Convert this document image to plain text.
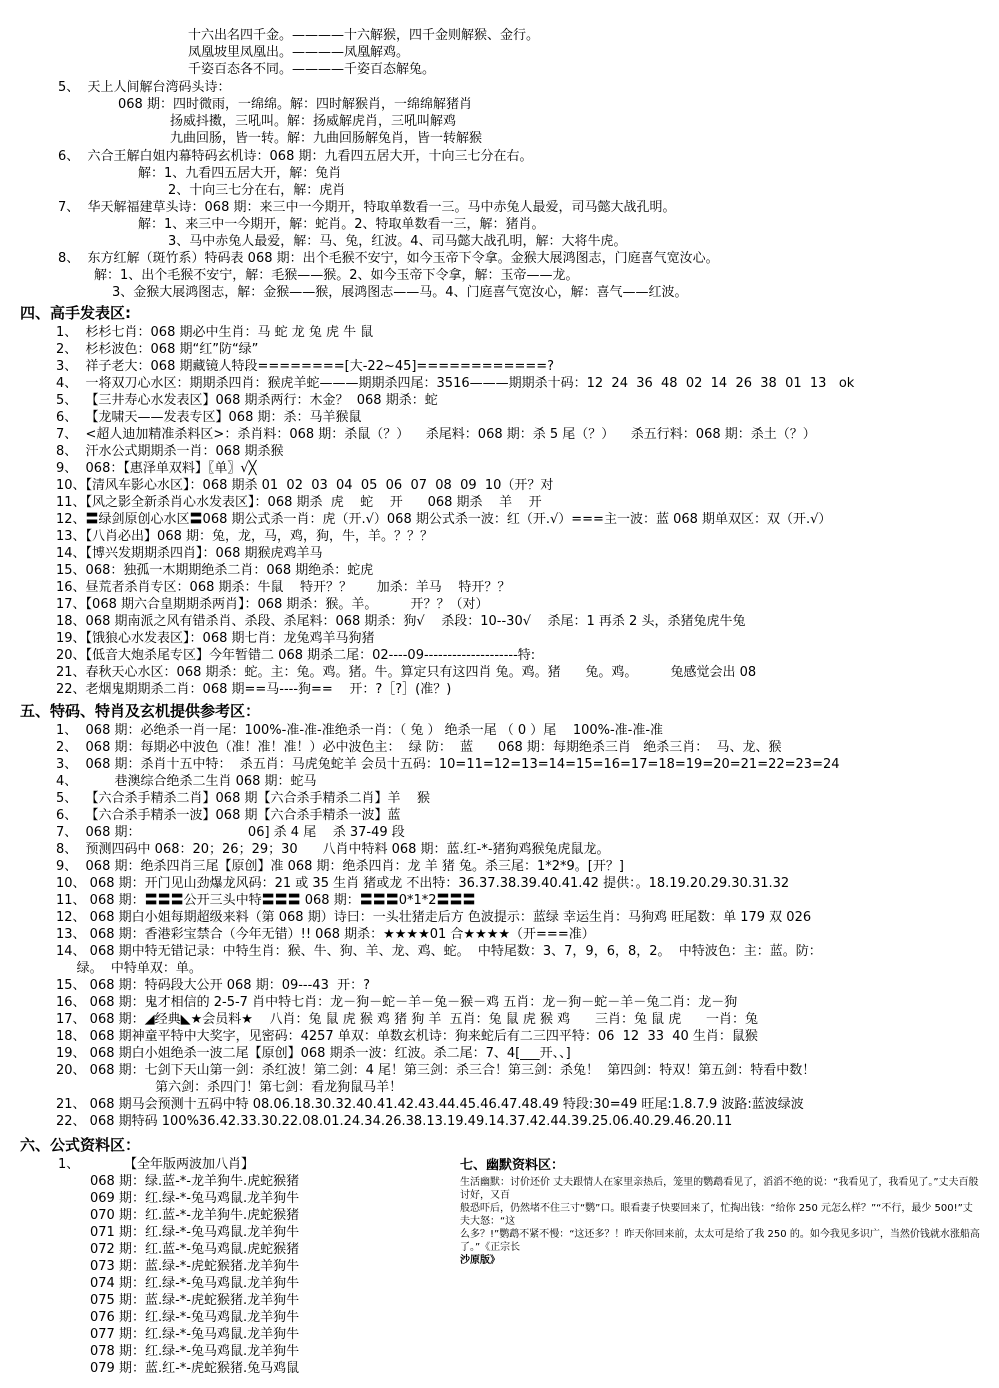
十六出名四千金。————十六解猴，四千金则解猴、金行。
凤凰坡里凤凰出。————凤凰解鸡。
千姿百态各不同。————千姿百态解兔。
5、  天上人间解台湾码头诗：
068 期：四时微雨，一绵绵。解：四时解猴肖，一绵绵解猪肖
扬威抖擞，三吼叫。解：扬威解虎肖，三吼叫解鸡
九曲回肠，皆一转。解：九曲回肠解兔肖，皆一转解猴
6、  六合王解白姐内幕特码玄机诗：068 期：九看四五居大开，十向三七分在右。
解：1、九看四五居大开，解：兔肖
2、十向三七分在右，解：虎肖
7、  华天解福建草头诗：068 期：来三中一今期开，特取单数看一三。马中赤兔人最爱，司马懿大战孔明。
解：1、来三中一今期开，解：蛇肖。2、特取单数看一三，解：猪肖。
3、马中赤兔人最爱，解：马、兔，红波。4、司马懿大战孔明，解：大将牛虎。
8、  东方红解（斑竹系）特码表 068 期：出个毛猴不安宁，如今玉帝下令拿。金猴大展鸿图志，门庭喜气宽汝心。
解：1、出个毛猴不安宁，解：毛猴——猴。2、如今玉帝下令拿，解：玉帝——龙。
3、金猴大展鸿图志，解：金猴——猴，展鸿图志——马。4、门庭喜气宽汝心，解：喜气——红波。
四、高手发表区:
1、  杉杉七肖：068 期必中生肖：马 蛇 龙 兔 虎 牛 鼠
2、  杉杉波色：068 期“红”防“绿”
3、  祥子老大：068 期藏镜人特段========[大-22~45]============?
4、  一将双刀心水区：期期杀四肖：猴虎羊蛇———期期杀四尾：3516———期期杀十码：12  24  36  48  02  14  26  38  01  13   ok
5、  【三井寿心水发表区】068 期杀两行：木金？  068 期杀：蛇
6、  【龙啸天——发表专区】068 期：杀：马羊猴鼠
7、  <超人迪加精准杀料区>：杀肖料：068 期：杀鼠（？）    杀尾料：068 期：杀 5 尾（？）    杀五行料：068 期：杀土（？）
8、  汗水公式期期杀一肖：068 期杀猴
9、  068：【惠泽单双料】〖单〗√╳
10、【清风车影心水区】：068 期杀 01  02  03  04  05  06  07  08  09  10（开？对
11、【风之影全新杀肖心水发表区】：068 期杀  虎    蛇    开      068 期杀    羊    开
12、〓绿剑原创心水区〓068 期公式杀一肖：虎（开.√）068 期公式杀一波：红（开.√）===主一波：蓝 068 期单双区：双（开.√）
13、【八肖必出】068 期：兔，龙，马，鸡，狗，牛，羊。？？？
14、【博兴发期期杀四肖】：068 期猴虎鸡羊马
15、068：独孤一木期期绝杀二肖：068 期绝杀：蛇虎
16、昼荒者杀肖专区：068 期杀：牛鼠    特开？？      加杀：羊马    特开？？
17、【068 期六合皇期期杀两肖】：068 期杀：猴。羊。        开？？（对）
18、068 期南派之风有错杀肖、杀段、杀尾料：068 期杀：狗√    杀段：10--30√    杀尾：1 再杀 2 头，杀猪兔虎牛兔
19、【饿狼心水发表区】：068 期七肖：龙兔鸡羊马狗猪
20、【低音大炮杀尾专区】今年暂错二 068 期杀二尾：02----09--------------------特:
21、春秋天心水区：068 期杀：蛇。主：兔。鸡。猪。牛。算定只有这四肖 兔。鸡。猪      兔。鸡。        兔感觉会出 08
22、老烟鬼期期杀二肖：068 期==马----狗==    开：?［?］(准？)
五、特码、特肖及玄机提供参考区：
1、  068 期：必绝杀一肖一尾：100%-准-准-准绝杀一肖：（ 兔 ） 绝杀一尾 （ 0 ）尾    100%-准-准-准
2、  068 期：每期必中波色（准！准！准！）必中波色主：  绿 防：  蓝      068 期：每期绝杀三肖   绝杀三肖：  马、龙、猴
3、  068 期：杀肖十五中特：  杀五肖：马虎兔蛇羊 会员十五码：10=11=12=13=14=15=16=17=18=19=20=21=22=23=24
4、         巷澳综合绝杀二生肖 068 期：蛇马
5、  【六合杀手精杀二肖】068 期【六合杀手精杀二肖】羊    猴
6、  【六合杀手精杀一波】068 期【六合杀手精杀一波】蓝
7、  068 期：                          06] 杀 4 尾    杀 37-49 段
8、  预测四码中 068：20；26；29；30      八肖中特料 068 期：蓝.红-*-猪狗鸡猴兔虎鼠龙。
9、  068 期：绝杀四肖三尾【原创】准 068 期：绝杀四肖：龙 羊 猪 兔。杀三尾：1*2*9。[开？]
10、 068 期：开门见山劲爆龙风码：21 或 35 生肖 猪或龙 不出特：36.37.38.39.40.41.42 提供：。18.19.20.29.30.31.32
11、 068 期：〓〓〓公开三头中特〓〓〓 068 期：〓〓〓0*1*2〓〓〓
12、 068 期白小姐每期超级来料（第 068 期）诗曰：一头壮猪走后方 色波提示：蓝绿 幸运生肖：马狗鸡 旺尾数：单 179 双 026
13、 068 期：香港彩宝禁合（今年无错）!! 068 期杀：★★★★01 合★★★★（开===准）
14、 068 期中特无错记录：中特生肖：猴、牛、狗、羊、龙、鸡、蛇。  中特尾数：3、7，9，6，8，2。  中特波色：主：蓝。防：
绿。  中特单双：单。
15、 068 期：特码段大公开 068 期：09---43  开：?
16、 068 期：鬼才相信的 2-5-7 肖中特七肖：龙－狗－蛇－羊－兔－猴－鸡 五肖：龙－狗－蛇－羊－兔二肖：龙－狗
17、 068 期：◢经典◣★会员料★    八肖：兔 鼠 虎 猴 鸡 猪 狗 羊  五肖：兔 鼠 虎 猴 鸡      三肖：兔 鼠 虎      一肖：兔
18、 068 期神童平特中大奖字，见密码：4257 单双：单数玄机诗：狗来蛇后有二三四平特：06  12  33  40 生肖：鼠猴
19、 068 期白小姐绝杀一波二尾【原创】068 期杀一波：红波。杀二尾：7、4[___开、、]
20、 068 期：七剑下天山第一剑：杀红波！第二剑：4 尾！第三剑：杀三合！第三剑：杀兔！  第四剑：特双！第五剑：特看中数！
第六剑：杀四门！第七剑：看龙狗鼠马羊！
21、 068 期马会预测十五码中特 08.06.18.30.32.40.41.42.43.44.45.46.47.48.49 特段:30=49 旺尾:1.8.7.9 波路:蓝波绿波
22、 068 期特码 100%36.42.33.30.22.08.01.24.34.26.38.13.19.49.14.37.42.44.39.25.06.40.29.46.20.11
六、公式资料区：
1、	【全年版两波加八肖】
068 期：绿.蓝-*-龙羊狗牛.虎蛇猴猪
069 期：红.绿-*-兔马鸡鼠.龙羊狗牛
070 期：红.蓝-*-龙羊狗牛.虎蛇猴猪
071 期：红.绿-*-兔马鸡鼠.龙羊狗牛
072 期：红.蓝-*-兔马鸡鼠.虎蛇猴猪
073 期：蓝.绿-*-虎蛇猴猪.龙羊狗牛
074 期：红.绿-*-兔马鸡鼠.龙羊狗牛
075 期：蓝.绿-*-虎蛇猴猪.龙羊狗牛
076 期：红.绿-*-兔马鸡鼠.龙羊狗牛
077 期：红.绿-*-兔马鸡鼠.龙羊狗牛
078 期：红.绿-*-兔马鸡鼠.龙羊狗牛
079 期：蓝.红-*-虎蛇猴猪.兔马鸡鼠
080 期：绿.红-*-龙羊狗牛.兔马鸡鼠
七、幽默资料区：
生活幽默：讨价还价 丈夫跟情人在家里亲热后，笼里的鹦鹉看见了，滔滔不绝的说：“我看见了，我看见了。”丈夫百般讨好，又百
般恐吓后，仍然堵不住三寸“鹦”口。眼看妻子快要回来了，忙掏出钱：“给你 250 元怎么样？”“不行，最少 500!”丈夫大怒：“这
么多？!”鹦鹉不紧不慢：“这还多？！昨天你回来前，太太可是给了我 250 的。如今我见多识广，当然价钱就水涨船高了。”《正宗长
沙原版》
